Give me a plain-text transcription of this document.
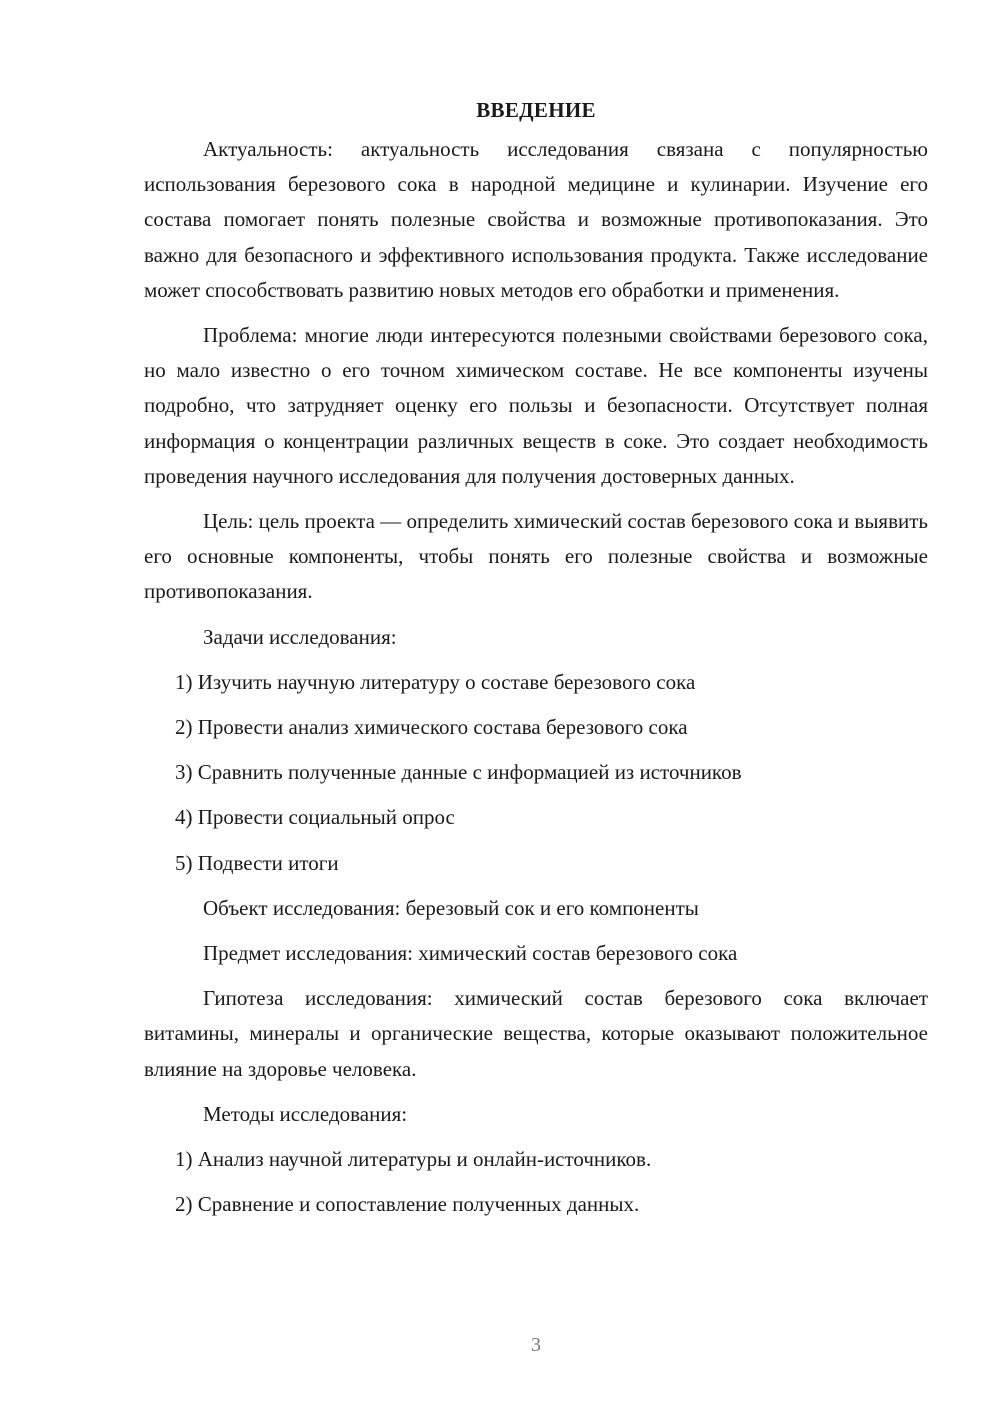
ВВЕДЕНИЕ
Актуальность: актуальность исследования связана с популярностью использования березового сока в народной медицине и кулинарии. Изучение его состава помогает понять полезные свойства и возможные противопоказания. Это важно для безопасного и эффективного использования продукта. Также исследование может способствовать развитию новых методов его обработки и применения.
Проблема: многие люди интересуются полезными свойствами березового сока, но мало известно о его точном химическом составе. Не все компоненты изучены подробно, что затрудняет оценку его пользы и безопасности. Отсутствует полная информация о концентрации различных веществ в соке. Это создает необходимость проведения научного исследования для получения достоверных данных.
Цель: цель проекта — определить химический состав березового сока и выявить его основные компоненты, чтобы понять его полезные свойства и возможные противопоказания.
Задачи исследования:
1) Изучить научную литературу о составе березового сока
2) Провести анализ химического состава березового сока
3) Сравнить полученные данные с информацией из источников
4) Провести социальный опрос
5) Подвести итоги
Объект исследования: березовый сок и его компоненты
Предмет исследования: химический состав березового сока
Гипотеза исследования: химический состав березового сока включает витамины, минералы и органические вещества, которые оказывают положительное влияние на здоровье человека.
Методы исследования:
1) Анализ научной литературы и онлайн-источников.
2) Сравнение и сопоставление полученных данных.
3
